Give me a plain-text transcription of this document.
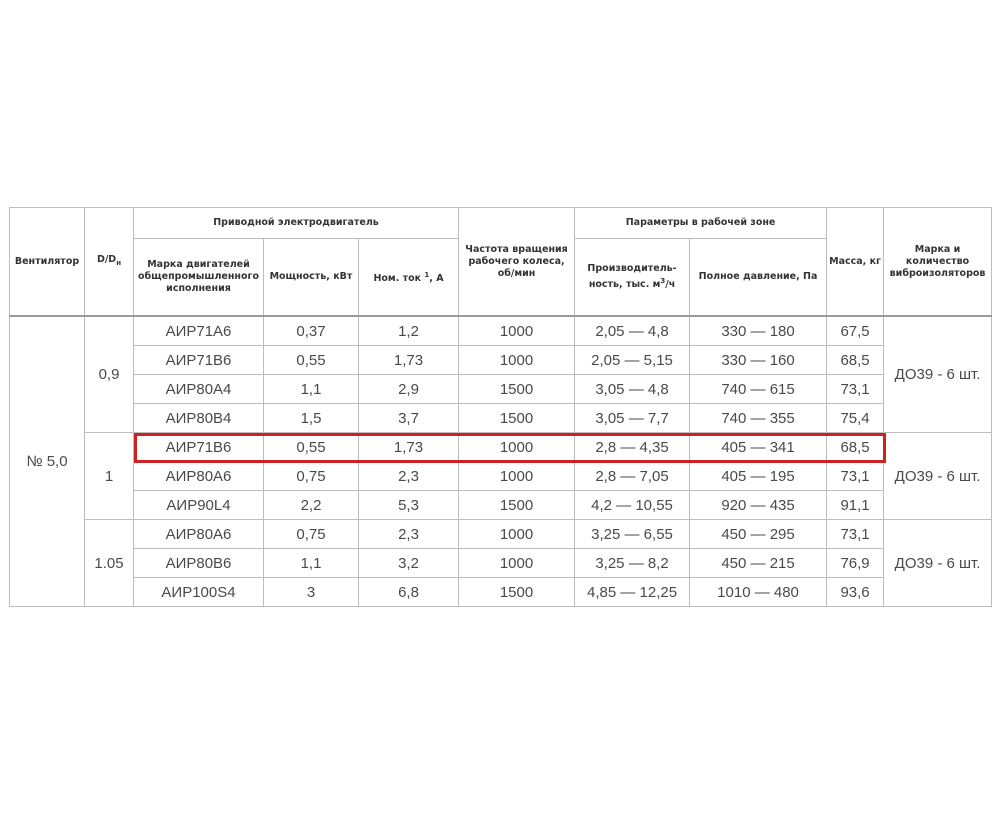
Вентилятор	$D/D_н$	Приводной электродвигатель			Частота вращения рабочего колеса, об/мин	Параметры в рабочей зоне		Масса, кг	Марка и количество виброизоляторов
		Марка двигателей общепромышленного исполнения	Мощность, кВт	Ном. ток $^1$, А		Производительность, тыс. $м^3/ч$	Полное давление, Па		
№ 5,0	0,9	АИР71А6	0,37	1,2	1000	2,05 — 4,8	330 — 180	67,5	ДО39 - 6 шт.
		АИР71В6	0,55	1,73	1000	2,05 — 5,15	330 — 160	68,5	
		АИР80А4	1,1	2,9	1500	3,05 — 4,8	740 — 615	73,1	
		АИР80В4	1,5	3,7	1500	3,05 — 7,7	740 — 355	75,4	
	1	АИР71В6	0,55	1,73	1000	2,8 — 4,35	405 — 341	68,5	ДО39 - 6 шт.
		АИР80А6	0,75	2,3	1000	2,8 — 7,05	405 — 195	73,1	
		АИР90L4	2,2	5,3	1500	4,2 — 10,55	920 — 435	91,1	
	1.05	АИР80А6	0,75	2,3	1000	3,25 — 6,55	450 — 295	73,1	ДО39 - 6 шт.
		АИР80В6	1,1	3,2	1000	3,25 — 8,2	450 — 215	76,9	
		АИР100S4	3	6,8	1500	4,85 — 12,25	1010 — 480	93,6	
